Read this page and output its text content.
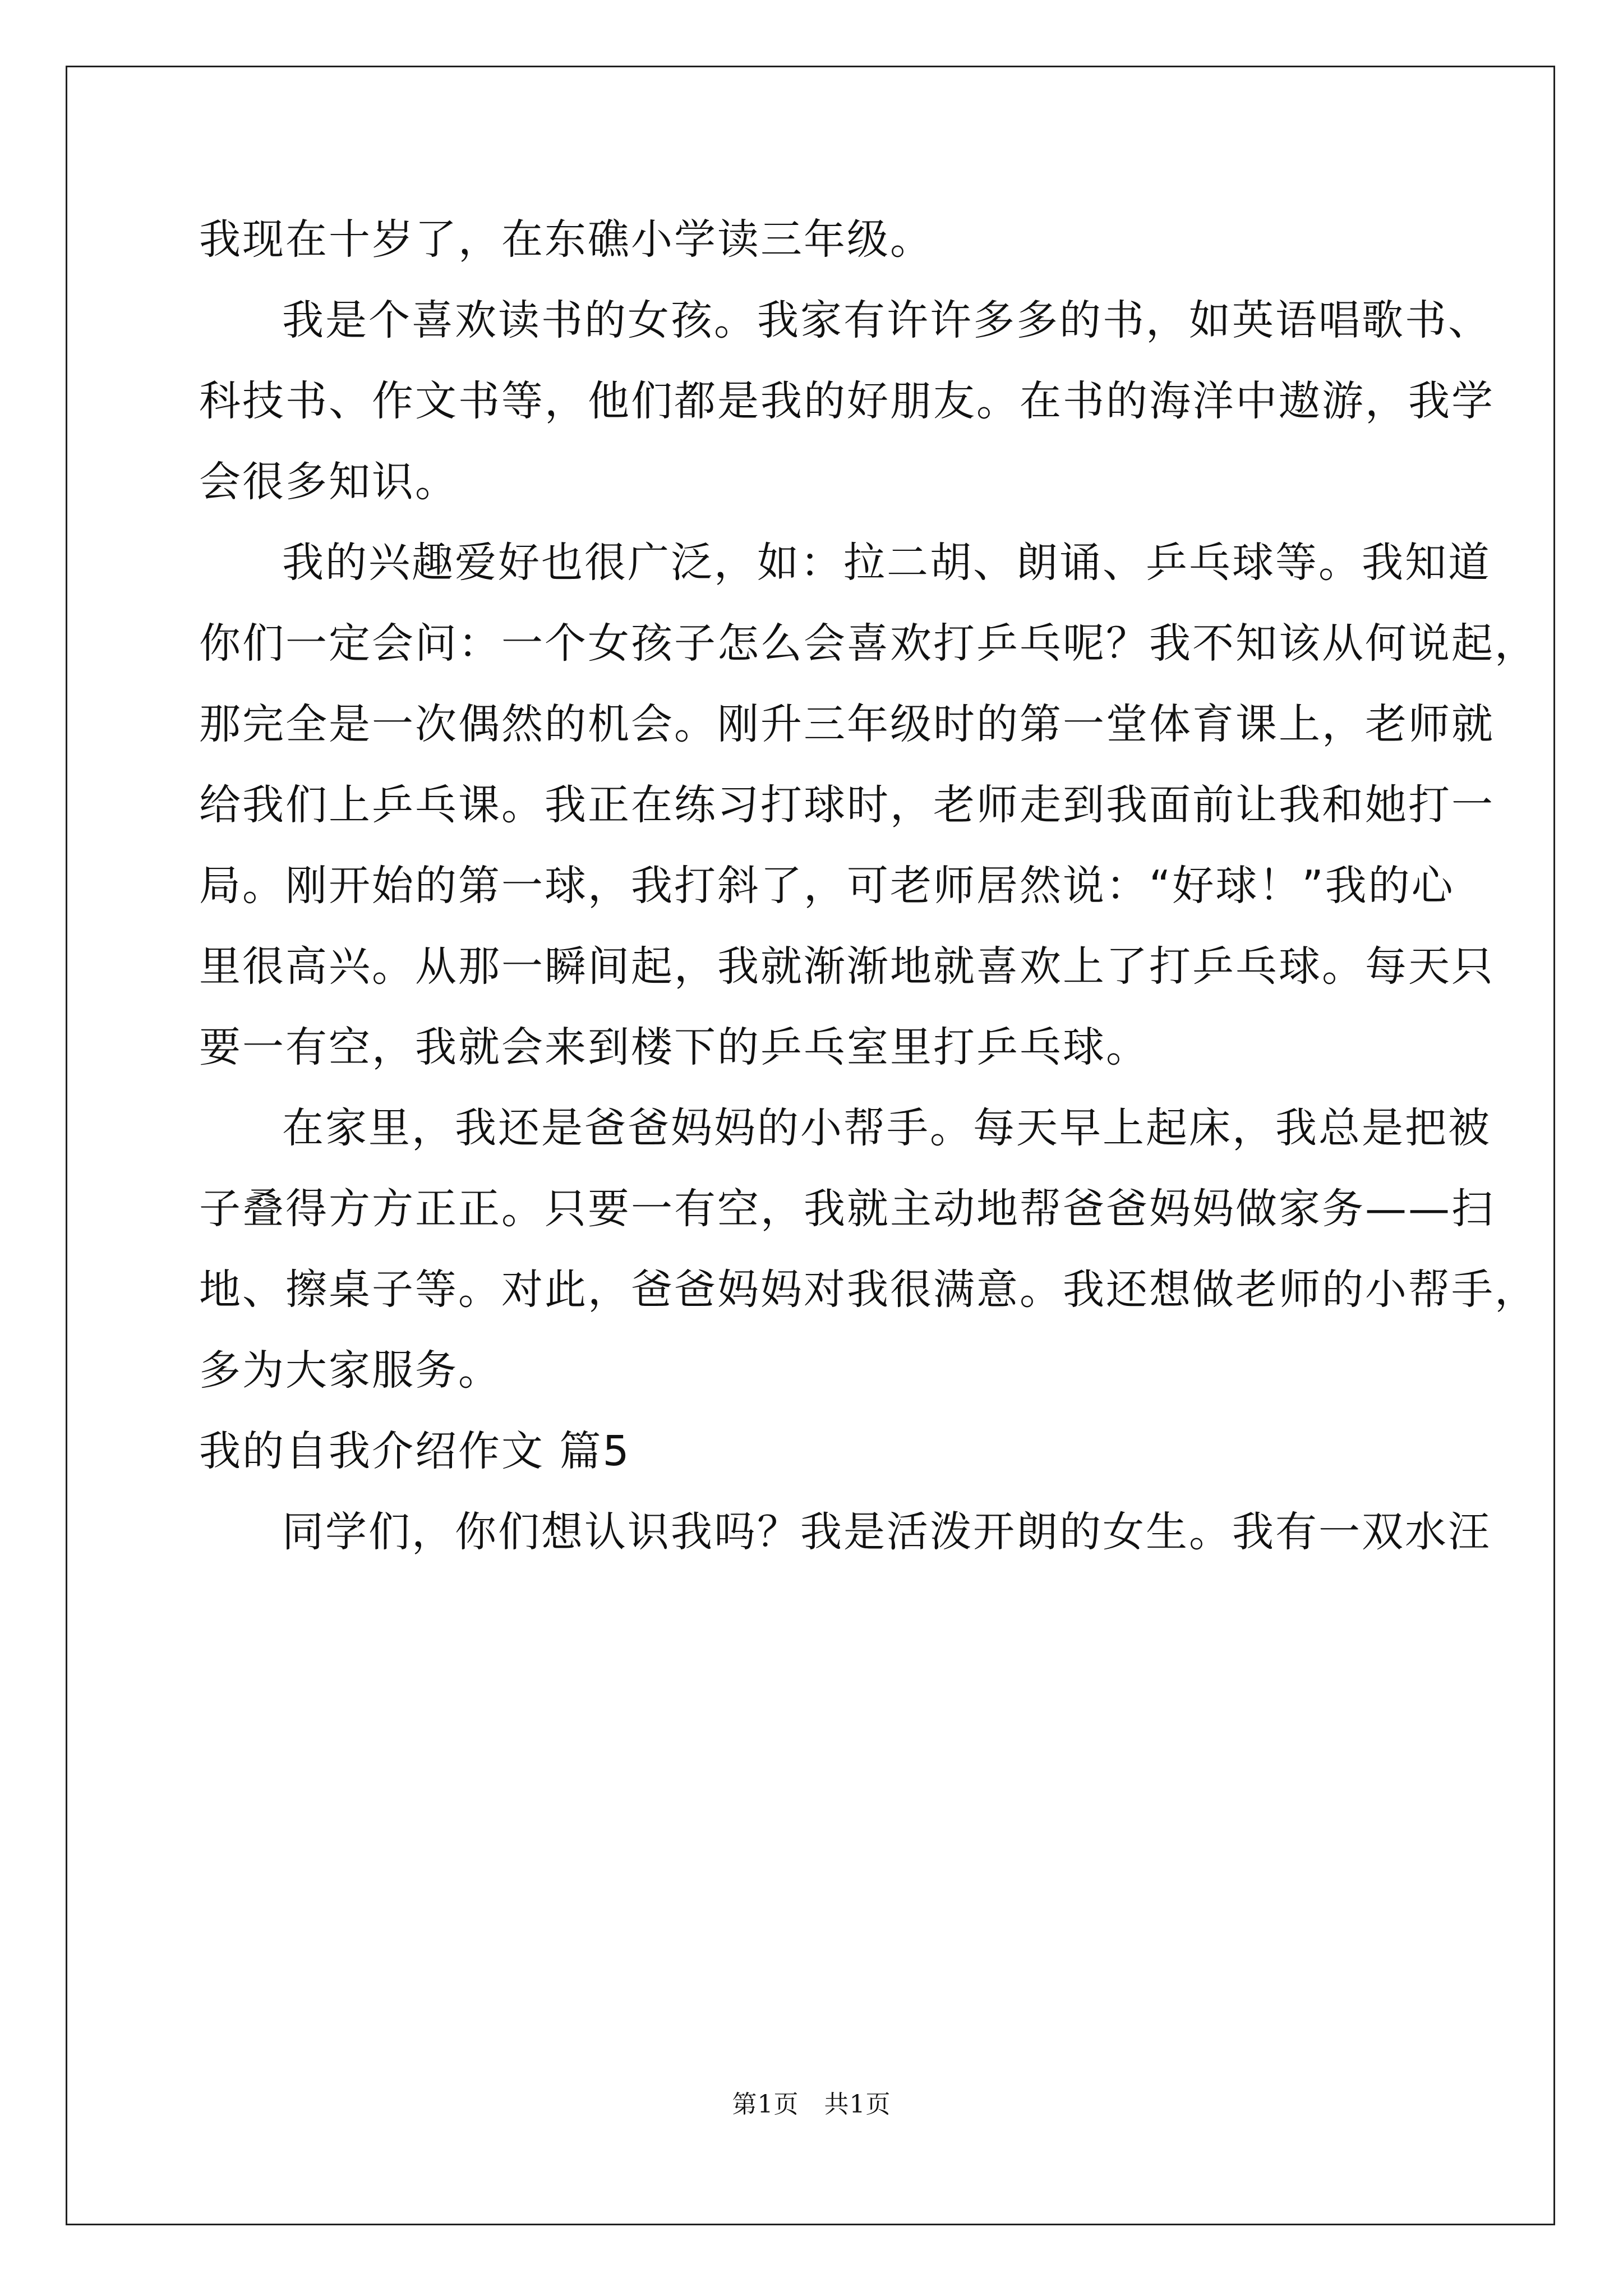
我现在十岁了，在东礁小学读三年级。
我是个喜欢读书的女孩。我家有许许多多的书，如英语唱歌书、
科技书、作文书等，他们都是我的好朋友。在书的海洋中遨游，我学
会很多知识。
我的兴趣爱好也很广泛，如：拉二胡、朗诵、乒乓球等。我知道
你们一定会问：一个女孩子怎么会喜欢打乒乓呢？我不知该从何说起，
那完全是一次偶然的机会。刚升三年级时的第一堂体育课上，老师就
给我们上乒乓课。我正在练习打球时，老师走到我面前让我和她打一
局。刚开始的第一球，我打斜了，可老师居然说：“好球！”我的心
里很高兴。从那一瞬间起，我就渐渐地就喜欢上了打乒乓球。每天只
要一有空，我就会来到楼下的乒乓室里打乒乓球。
在家里，我还是爸爸妈妈的小帮手。每天早上起床，我总是把被
子叠得方方正正。只要一有空，我就主动地帮爸爸妈妈做家务——扫
地、擦桌子等。对此，爸爸妈妈对我很满意。我还想做老师的小帮手，
多为大家服务。
我的自我介绍作文 篇5
同学们，你们想认识我吗？我是活泼开朗的女生。我有一双水汪
第1页　共1页
